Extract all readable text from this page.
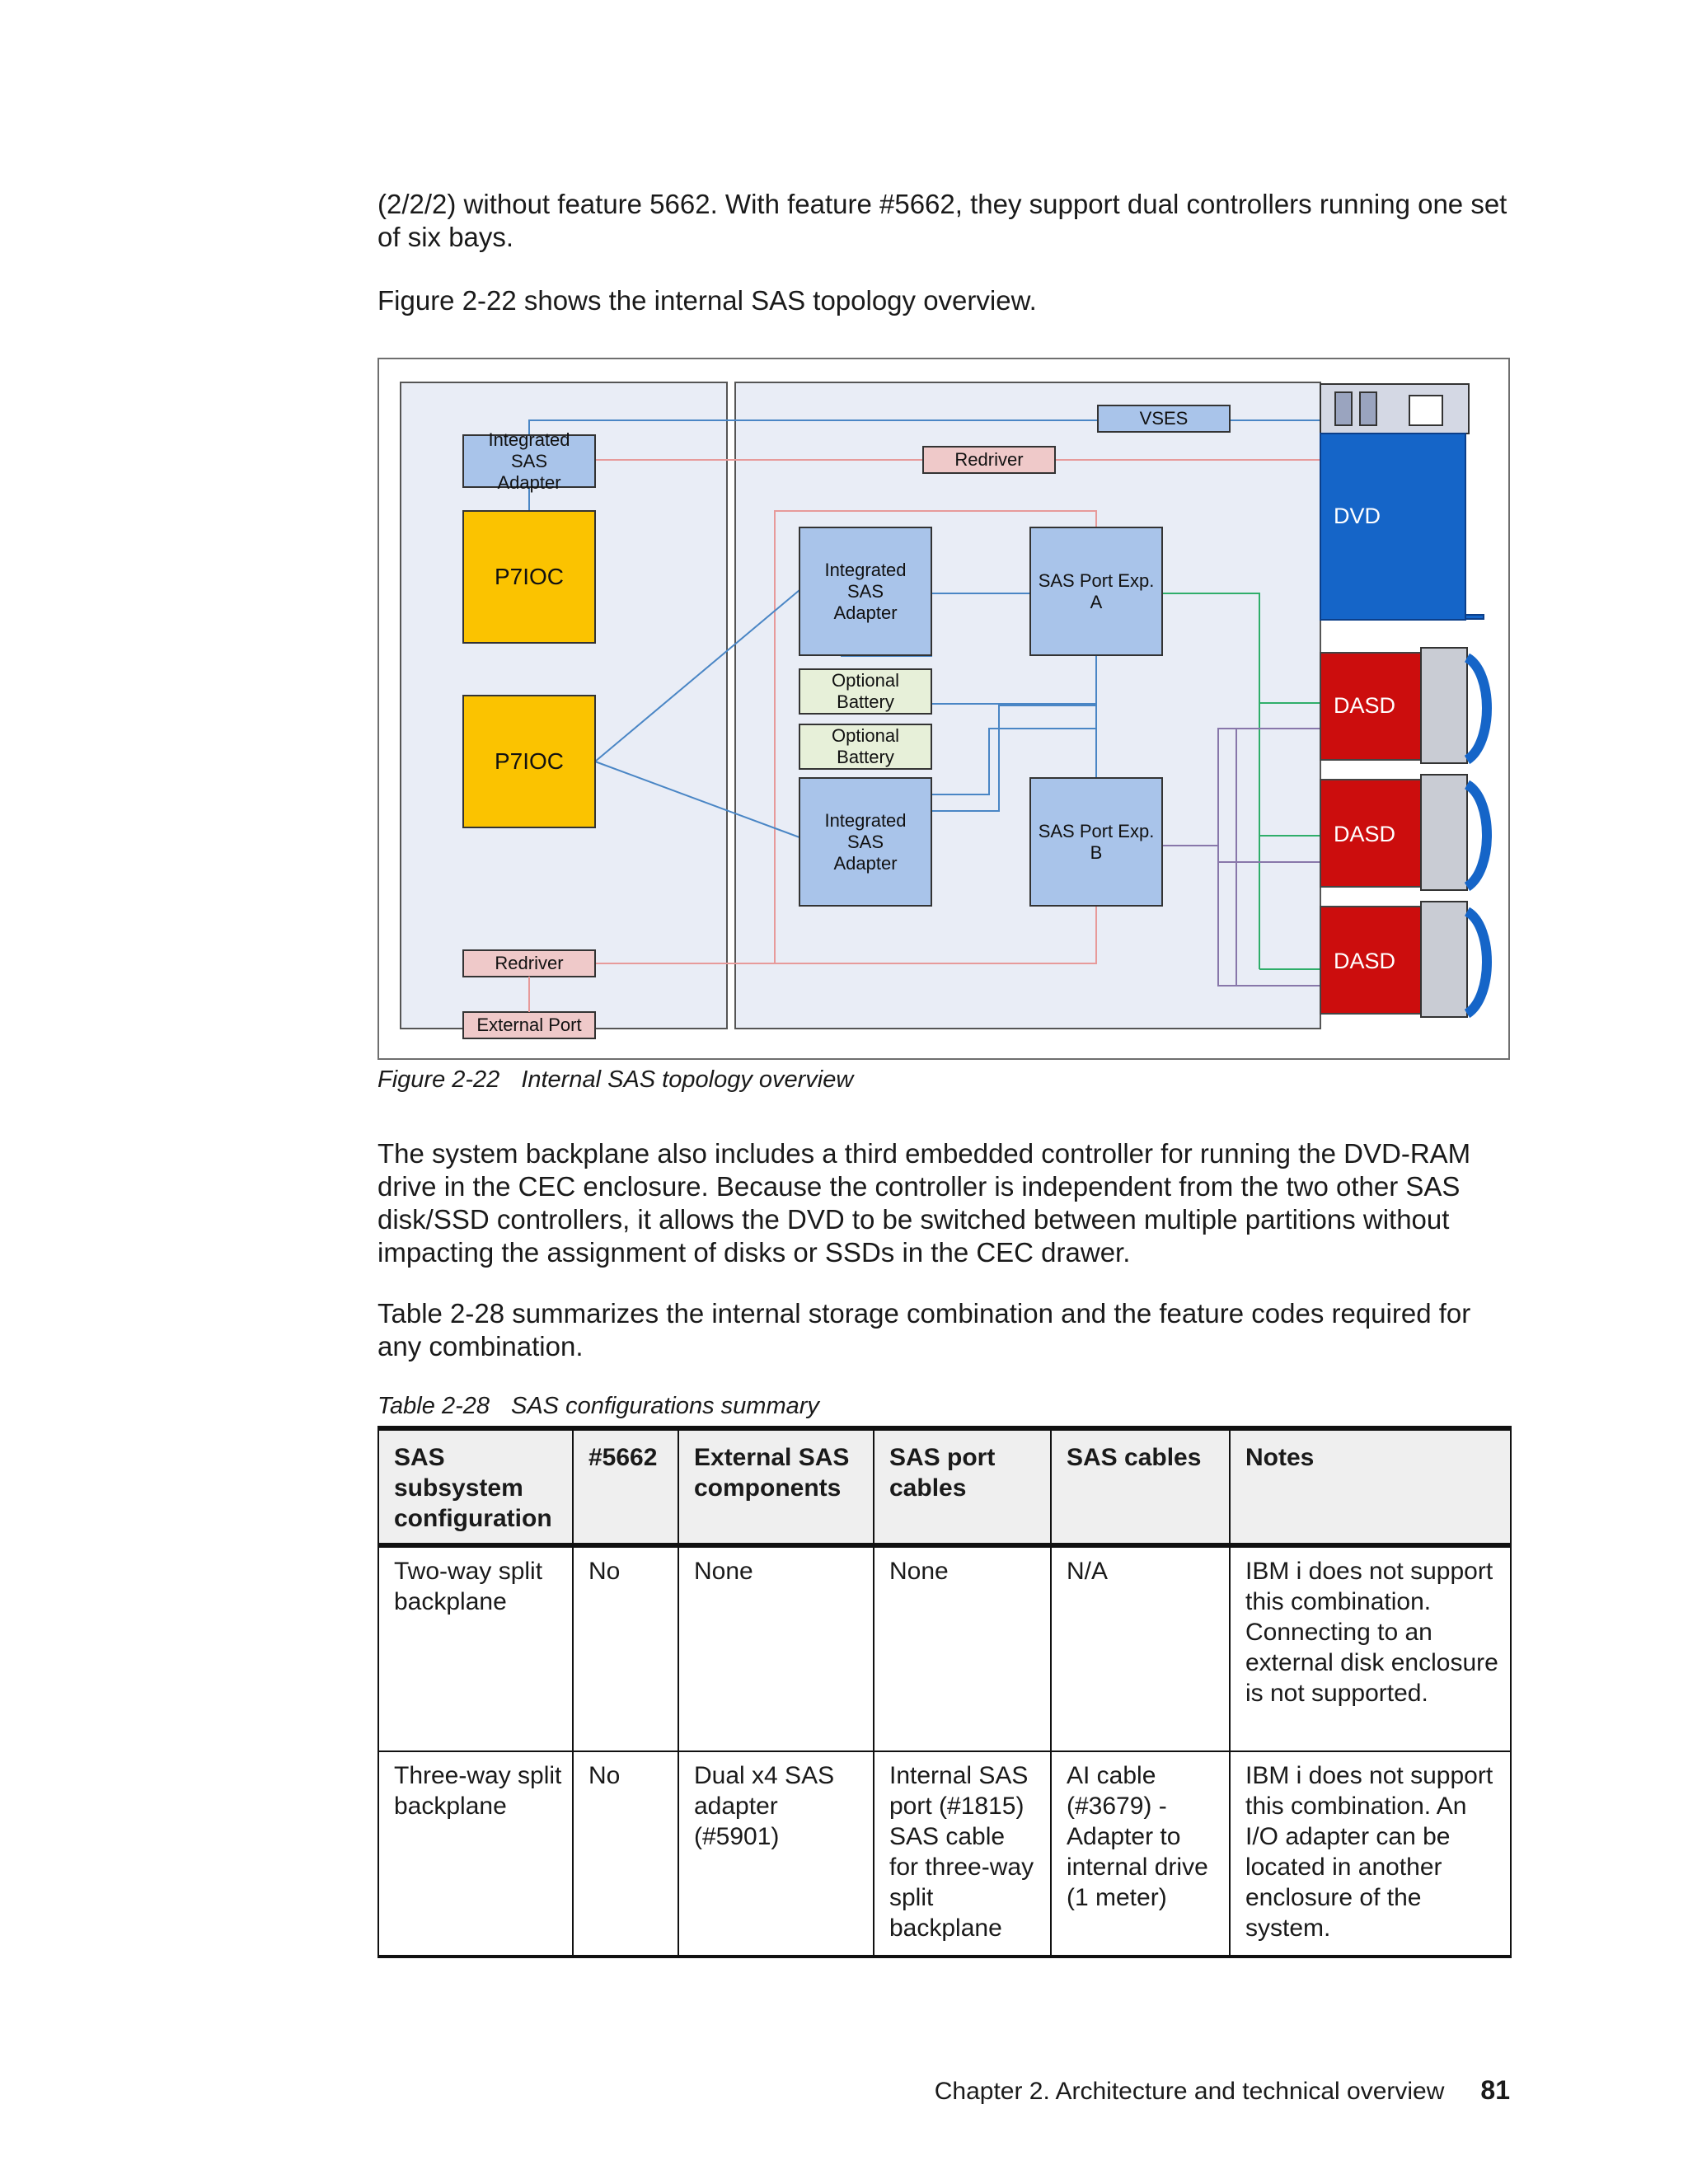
(2/2/2) without feature 5662. With feature #5662, they support dual controllers running one set of six bays.

Figure 2-22 shows the internal SAS topology overview.

VSES
Redriver
Integrated SAS Adapter
P7IOC
P7IOC
Integrated SAS Adapter
SAS Port Exp. A
Optional Battery
Optional Battery
Integrated SAS Adapter
SAS Port Exp. B
Redriver
External Port
DVD
DASD
DASD
DASD

Figure 2-22 Internal SAS topology overview

The system backplane also includes a third embedded controller for running the DVD-RAM drive in the CEC enclosure. Because the controller is independent from the two other SAS disk/SSD controllers, it allows the DVD to be switched between multiple partitions without impacting the assignment of disks or SSDs in the CEC drawer.

Table 2-28 summarizes the internal storage combination and the feature codes required for any combination.

Table 2-28 SAS configurations summary

SAS subsystem configuration	#5662	External SAS components	SAS port cables	SAS cables	Notes
Two-way split backplane	No	None	None	N/A	IBM i does not support this combination. Connecting to an external disk enclosure is not supported.
Three-way split backplane	No	Dual x4 SAS adapter (#5901)	Internal SAS port (#1815) SAS cable for three-way split backplane	AI cable (#3679) - Adapter to internal drive (1 meter)	IBM i does not support this combination. An I/O adapter can be located in another enclosure of the system.
Chapter 2. Architecture and technical overview 81
